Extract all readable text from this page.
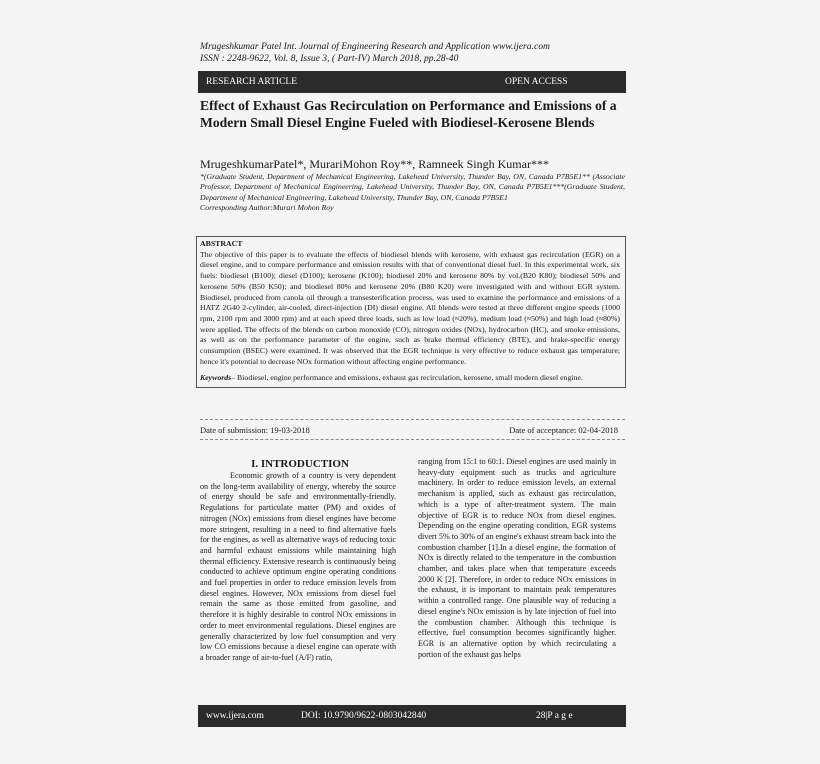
Mrugeshkumar Patel Int. Journal of Engineering Research and Application www.ijera.com
ISSN : 2248-9622, Vol. 8, Issue 3, ( Part-IV) March 2018, pp.28-40
RESEARCH ARTICLE	OPEN ACCESS
Effect of Exhaust Gas Recirculation on Performance and Emissions of a Modern Small Diesel Engine Fueled with Biodiesel-Kerosene Blends
MrugeshkumarPatel*, MurariMohon Roy**, Ramneek Singh Kumar***
*(Graduate Student, Department of Mechanical Engineering, Lakehead University, Thunder Bay, ON, Canada P7B5E1** (Associate Professor, Department of Mechanical Engineering, Lakehead University, Thunder Bay, ON, Canada P7B5E1***(Graduate Student, Department of Mechanical Engineering, Lakehead University, Thunder Bay, ON, Canada P7B5E1
Corresponding Author:Murari Mohon Roy
ABSTRACT
The objective of this paper is to evaluate the effects of biodiesel blends with kerosene, with exhaust gas recirculation (EGR) on a diesel engine, and to compare performance and emission results with that of conventional diesel fuel. In this experimental work, six fuels: biodiesel (B100); diesel (D100); kerosene (K100); biodiesel 20% and kerosene 80% by vol.(B20 K80); biodiesel 50% and kerosene 50% (B50 K50); and biodiesel 80% and kerosene 20% (B80 K20) were investigated with and without EGR system. Biodiesel, produced from canola oil through a transesterification process, was used to examine the performance and emissions of a HATZ 2G40 2-cylinder, air-cooled, direct-injection (DI) diesel engine. All blends were tested at three different engine speeds (1000 rpm, 2100 rpm and 3000 rpm) and at each speed three loads, such as low load (≈20%), medium load (≈50%) and high load (≈80%) were applied. The effects of the blends on carbon monoxide (CO), nitrogen oxides (NOx), hydrocarbon (HC), and smoke emissions, as well as on the performance parameter of the engine, such as brake thermal efficiency (BTE), and brake-specific energy consumption (BSEC) were examined. It was observed that the EGR technique is very effective to reduce exhaust gas temperature; hence it's potential to decrease NOx formation without affecting engine performance.
Keywords– Biodiesel, engine performance and emissions, exhaust gas recirculation, kerosene, small modern diesel engine.
Date of submission: 19-03-2018	Date of acceptance: 02-04-2018
I. INTRODUCTION
Economic growth of a country is very dependent on the long-term availability of energy, whereby the source of energy should be safe and environmentally-friendly. Regulations for particulate matter (PM) and oxides of nitrogen (NOx) emissions from diesel engines have become more stringent, resulting in a need to find alternative fuels for the engines, as well as alternative ways of reducing toxic and harmful exhaust emissions while maintaining high thermal efficiency. Extensive research is continuously being conducted to achieve optimum engine operating conditions and fuel properties in order to reduce emission levels from diesel engines. However, NOx emissions from diesel fuel remain the same as those emitted from gasoline, and therefore it is highly desirable to control NOx emissions in order to meet environmental regulations. Diesel engines are generally characterized by low fuel consumption and very low CO emissions because a diesel engine can operate with a broader range of air-to-fuel (A/F) ratio,
ranging from 15:1 to 60:1. Diesel engines are used mainly in heavy-duty equipment such as trucks and agriculture machinery. In order to reduce emission levels, an external mechanism is applied, such as exhaust gas recirculation, which is a type of after-treatment system. The main objective of EGR is to reduce NOx from diesel engines. Depending on the engine operating condition, EGR systems divert 5% to 30% of an engine's exhaust stream back into the combustion chamber [1].In a diesel engine, the formation of NOx is directly related to the temperature in the combustion chamber, and takes place when that temperature exceeds 2000 K [2]. Therefore, in order to reduce NOx emissions in the exhaust, it is important to maintain peak temperatures within a controlled range. One plausible way of reducing a diesel engine's NOx emission is by late injection of fuel into the combustion chamber. Although this technique is effective, fuel consumption becomes significantly higher. EGR is an alternative option by which recirculating a portion of the exhaust gas helps
www.ijera.com	DOI: 10.9790/9622-0803042840	28|P a g e
